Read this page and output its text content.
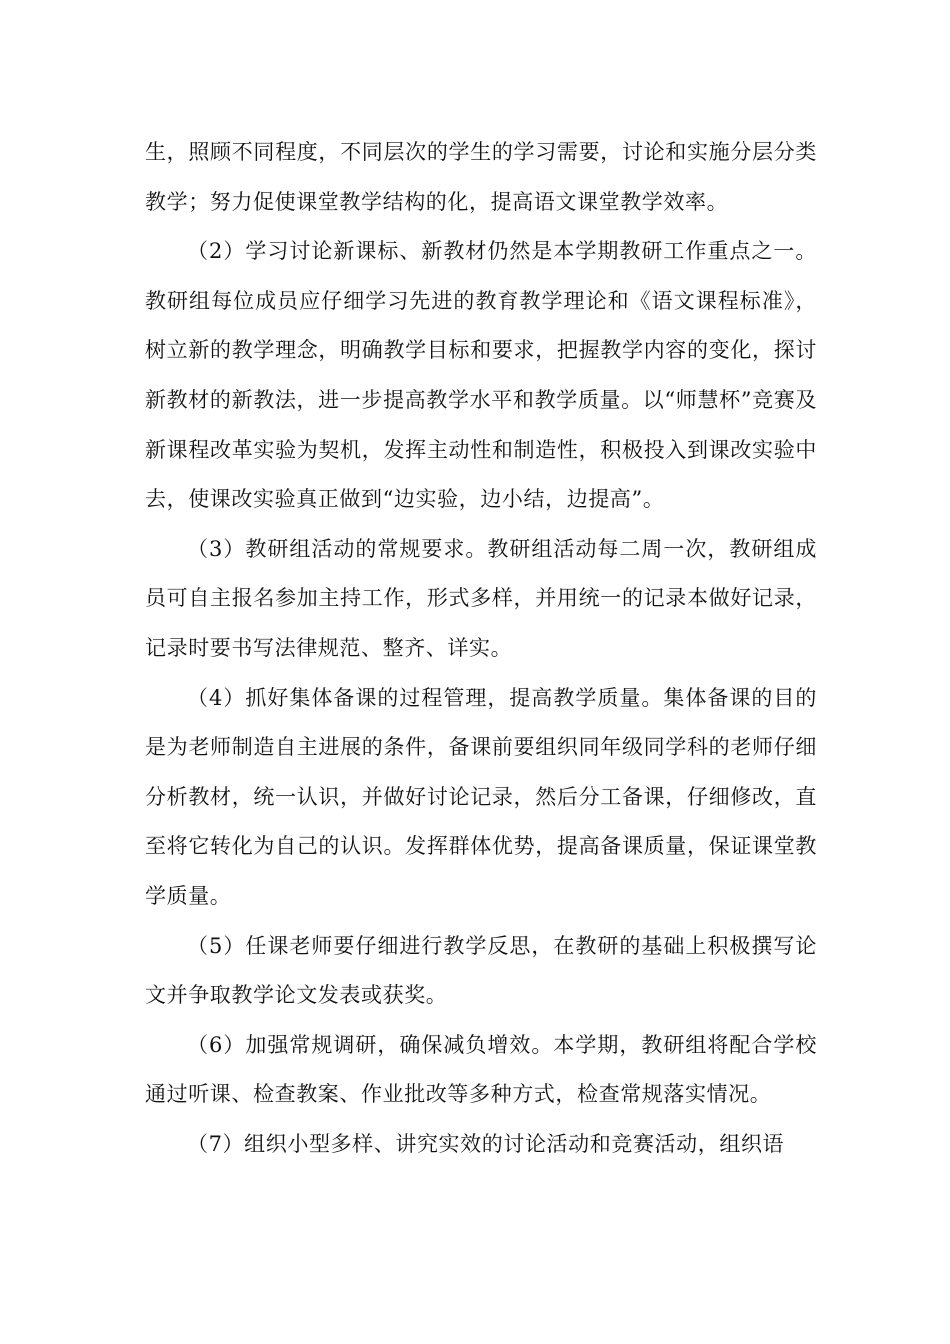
生，照顾不同程度，不同层次的学生的学习需要，讨论和实施分层分类教学；努力促使课堂教学结构的化，提高语文课堂教学效率。

（2）学习讨论新课标、新教材仍然是本学期教研工作重点之一。教研组每位成员应仔细学习先进的教育教学理论和《语文课程标准》，树立新的教学理念，明确教学目标和要求，把握教学内容的变化，探讨新教材的新教法，进一步提高教学水平和教学质量。以“师慧杯”竞赛及新课程改革实验为契机，发挥主动性和制造性，积极投入到课改实验中去，使课改实验真正做到“边实验，边小结，边提高”。

（3）教研组活动的常规要求。教研组活动每二周一次，教研组成员可自主报名参加主持工作，形式多样，并用统一的记录本做好记录，记录时要书写法律规范、整齐、详实。

（4）抓好集体备课的过程管理，提高教学质量。集体备课的目的是为老师制造自主进展的条件，备课前要组织同年级同学科的老师仔细分析教材，统一认识，并做好讨论记录，然后分工备课，仔细修改，直至将它转化为自己的认识。发挥群体优势，提高备课质量，保证课堂教学质量。

（5）任课老师要仔细进行教学反思，在教研的基础上积极撰写论文并争取教学论文发表或获奖。

（6）加强常规调研，确保减负增效。本学期，教研组将配合学校通过听课、检查教案、作业批改等多种方式，检查常规落实情况。

（7）组织小型多样、讲究实效的讨论活动和竞赛活动，组织语
